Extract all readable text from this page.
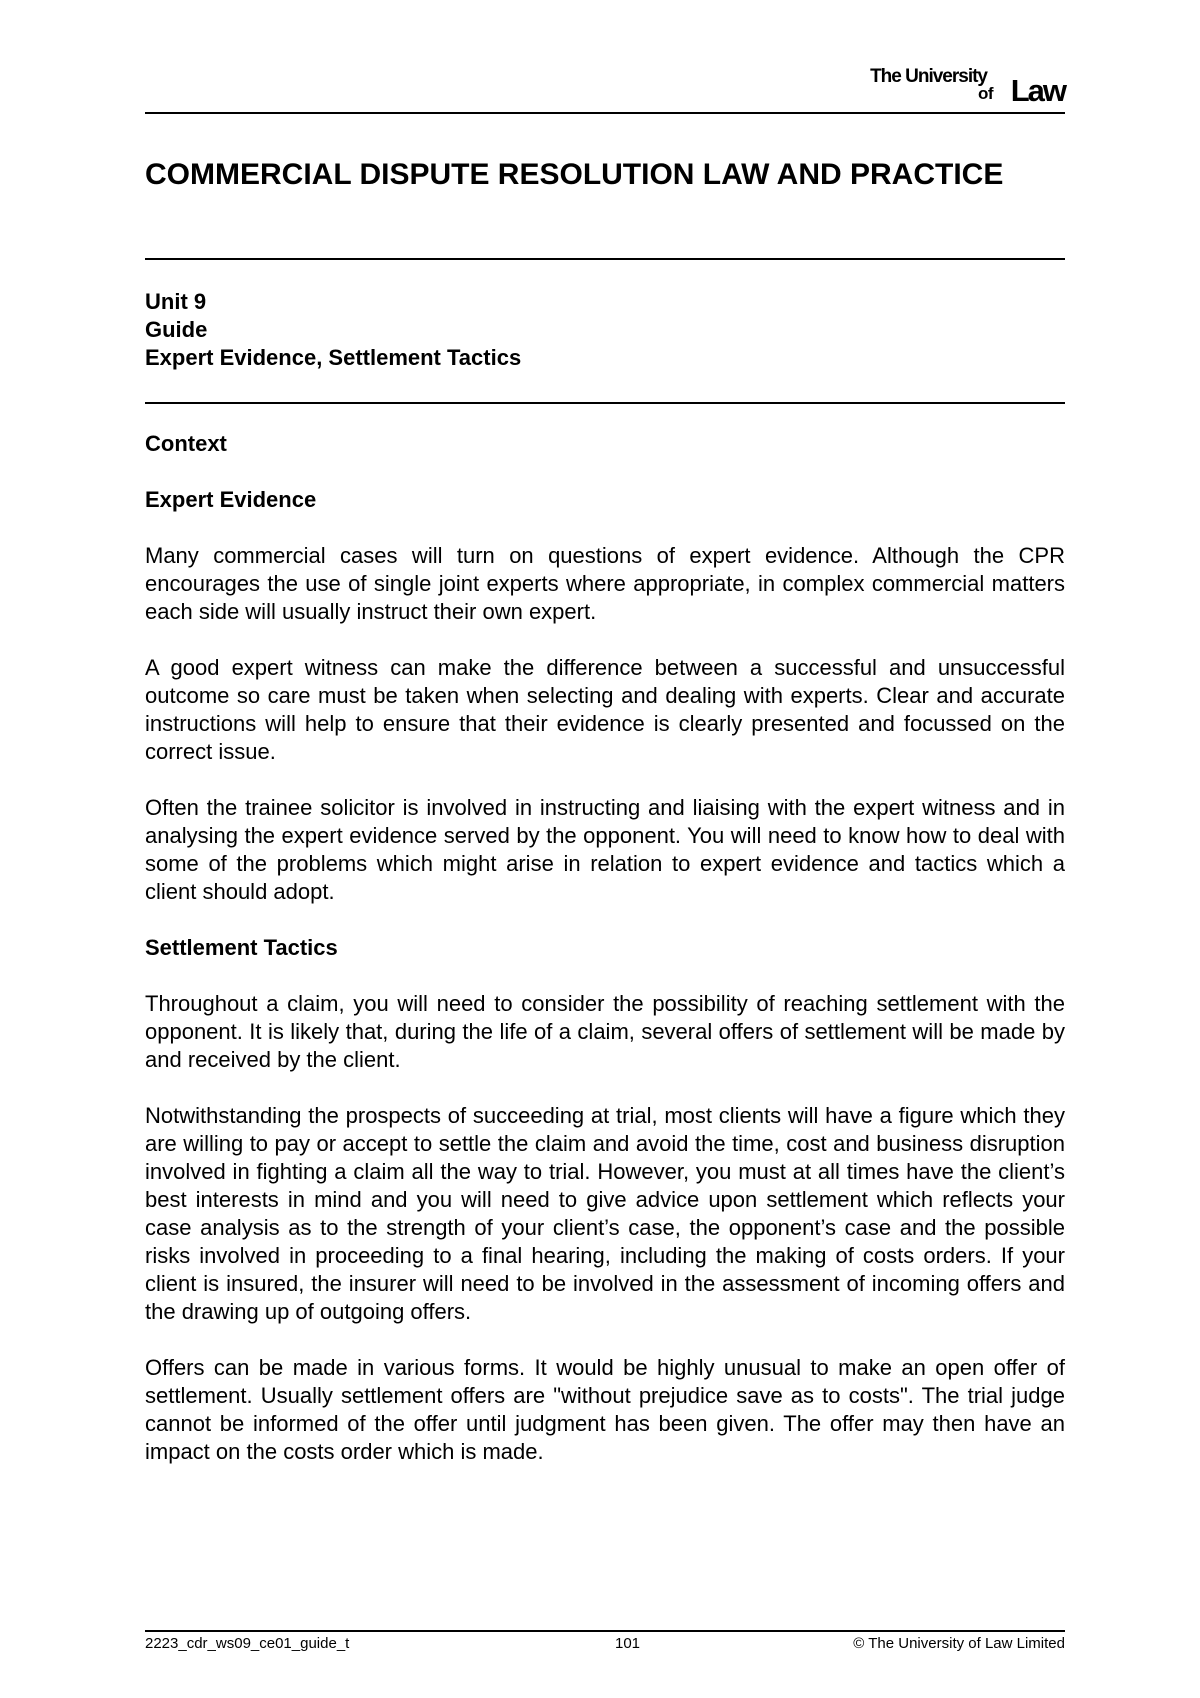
The University
of Law
COMMERCIAL DISPUTE RESOLUTION LAW AND PRACTICE
Unit 9
Guide
Expert Evidence, Settlement Tactics
Context
Expert Evidence

Many commercial cases will turn on questions of expert evidence. Although the CPR encourages the use of single joint experts where appropriate, in complex commercial matters each side will usually instruct their own expert.

A good expert witness can make the difference between a successful and unsuccessful outcome so care must be taken when selecting and dealing with experts. Clear and accurate instructions will help to ensure that their evidence is clearly presented and focussed on the correct issue.

Often the trainee solicitor is involved in instructing and liaising with the expert witness and in analysing the expert evidence served by the opponent. You will need to know how to deal with some of the problems which might arise in relation to expert evidence and tactics which a client should adopt.

Settlement Tactics

Throughout a claim, you will need to consider the possibility of reaching settlement with the opponent. It is likely that, during the life of a claim, several offers of settlement will be made by and received by the client.

Notwithstanding the prospects of succeeding at trial, most clients will have a figure which they are willing to pay or accept to settle the claim and avoid the time, cost and business disruption involved in fighting a claim all the way to trial. However, you must at all times have the client’s best interests in mind and you will need to give advice upon settlement which reflects your case analysis as to the strength of your client’s case, the opponent’s case and the possible risks involved in proceeding to a final hearing, including the making of costs orders. If your client is insured, the insurer will need to be involved in the assessment of incoming offers and the drawing up of outgoing offers.

Offers can be made in various forms. It would be highly unusual to make an open offer of settlement. Usually settlement offers are "without prejudice save as to costs". The trial judge cannot be informed of the offer until judgment has been given. The offer may then have an impact on the costs order which is made.

2223_cdr_ws09_ce01_guide_t	101	© The University of Law Limited
